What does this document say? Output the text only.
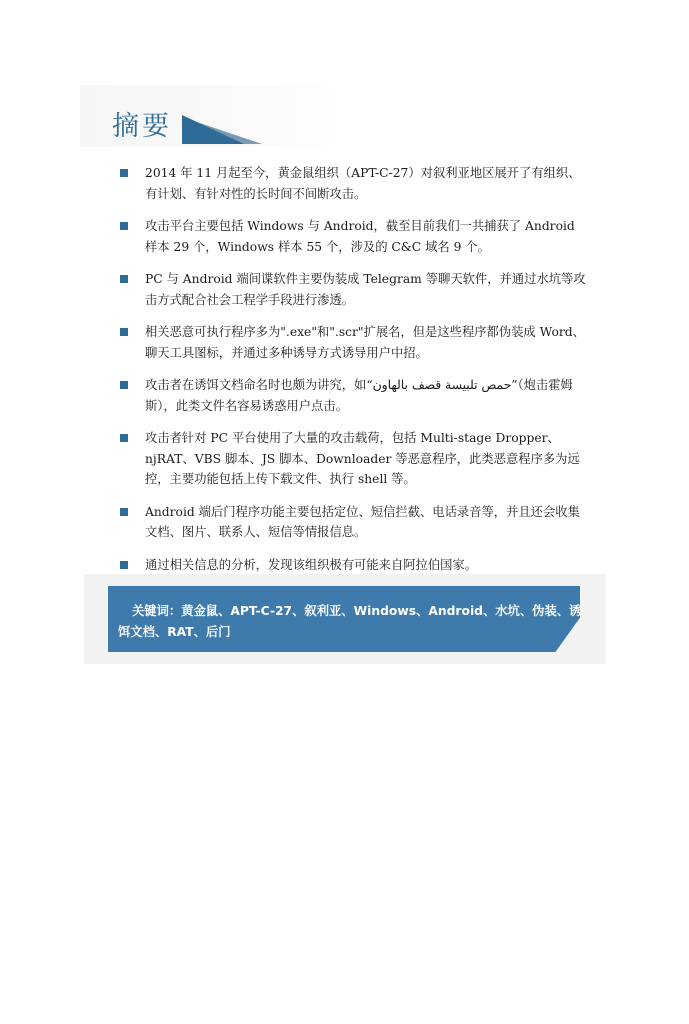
摘要
2014 年 11 月起至今，黄金鼠组织（APT-C-27）对叙利亚地区展开了有组织、有计划、有针对性的长时间不间断攻击。
攻击平台主要包括 Windows 与 Android，截至目前我们一共捕获了 Android 样本 29 个，Windows 样本 55 个，涉及的 C&C 域名 9 个。
PC 与 Android 端间谍软件主要伪装成 Telegram 等聊天软件，并通过水坑等攻击方式配合社会工程学手段进行渗透。
相关恶意可执行程序多为".exe"和".scr"扩展名，但是这些程序都伪装成 Word、聊天工具图标，并通过多种诱导方式诱导用户中招。
攻击者在诱饵文档命名时也颇为讲究，如“حمص تلبيسة قصف بالهاون”（炮击霍姆斯），此类文件名容易诱惑用户点击。
攻击者针对 PC 平台使用了大量的攻击载荷，包括 Multi-stage Dropper、njRAT、VBS 脚本、JS 脚本、Downloader 等恶意程序，此类恶意程序多为远控，主要功能包括上传下载文件、执行 shell 等。
Android 端后门程序功能主要包括定位、短信拦截、电话录音等，并且还会收集文档、图片、联系人、短信等情报信息。
通过相关信息的分析，发现该组织极有可能来自阿拉伯国家。
关键词：黄金鼠、APT-C-27、叙利亚、Windows、Android、水坑、伪装、诱饵文档、RAT、后门
